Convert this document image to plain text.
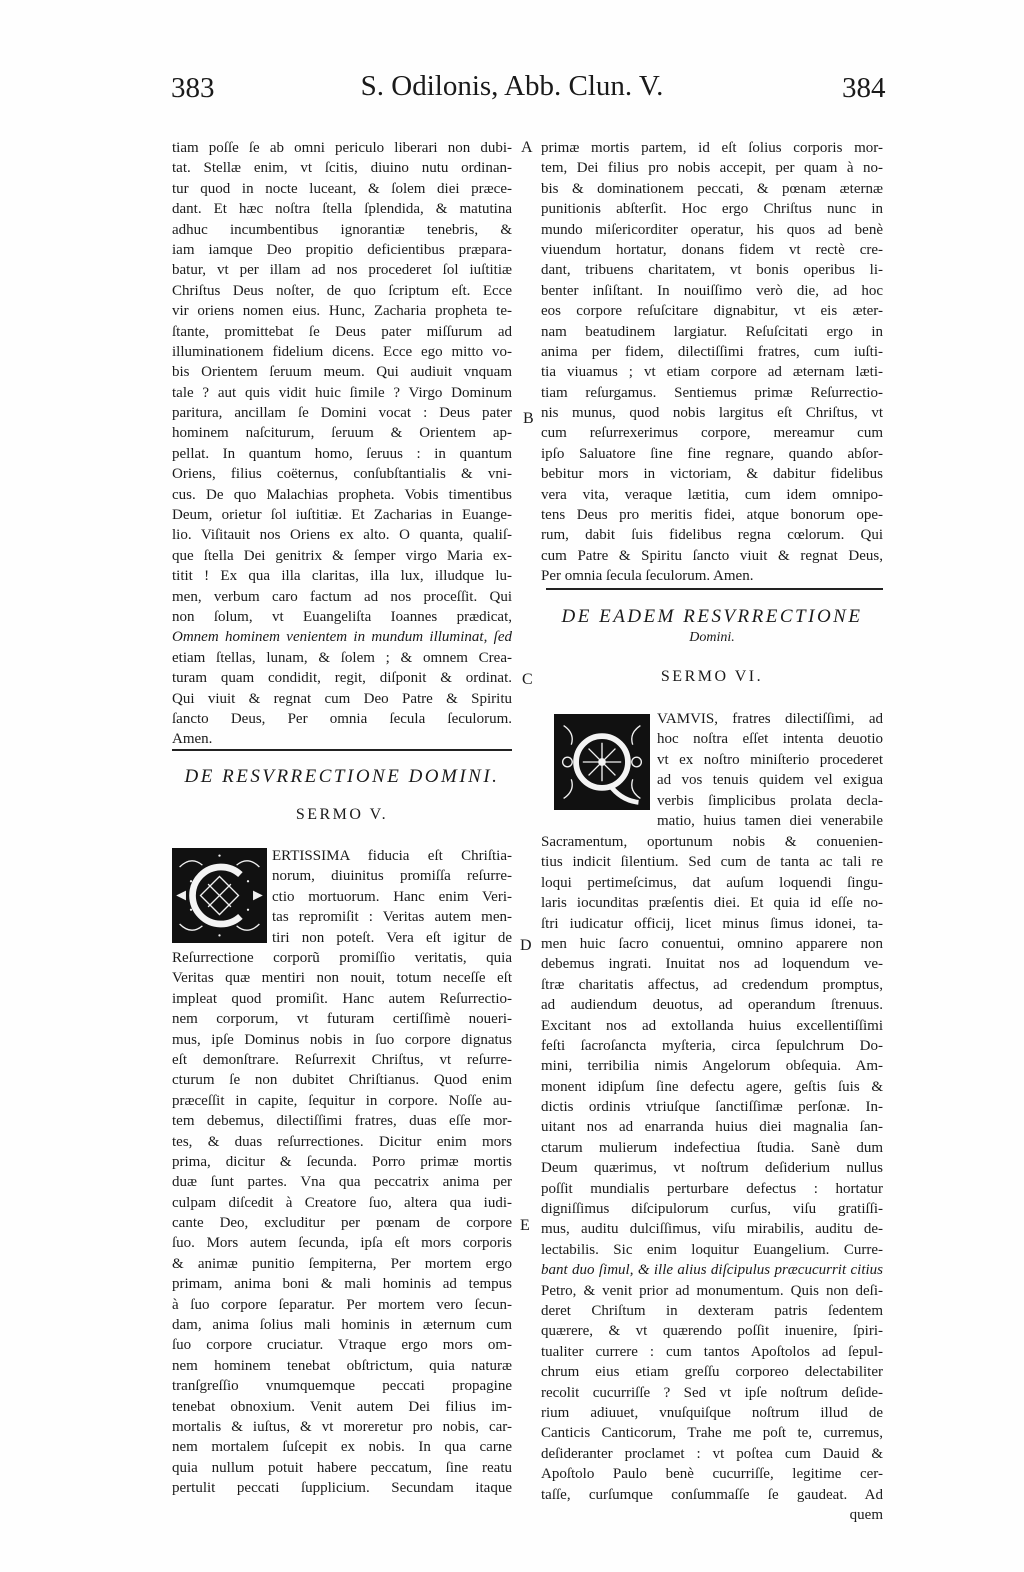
383	S. Odilonis, Abb. Clun. V.	384
A
B
C
D
E
tiam poſſe ſe ab omni periculo liberari non dubi-
tat. Stellæ enim, vt ſcitis, diuino nutu ordinan-
tur quod in nocte luceant, & ſolem diei præce-
dant. Et hæc noſtra ſtella ſplendida, & matutina
adhuc incumbentibus ignorantiæ tenebris, &
iam iamque Deo propitio deficientibus præpara-
batur, vt per illam ad nos procederet ſol iuſtitiæ
Chriſtus Deus noſter, de quo ſcriptum eſt. Ecce
vir oriens nomen eius. Hunc, Zacharia propheta te-
ſtante, promittebat ſe Deus pater miſſurum ad
illuminationem fidelium dicens. Ecce ego mitto vo-
bis Orientem ſeruum meum. Qui audiuit vnquam
tale ? aut quis vidit huic ſimile ? Virgo Dominum
paritura, ancillam ſe Domini vocat : Deus pater
hominem naſciturum, ſeruum & Orientem ap-
pellat. In quantum homo, ſeruus : in quantum
Oriens, filius coëternus, conſubſtantialis & vni-
cus. De quo Malachias propheta. Vobis timentibus
Deum, orietur ſol iuſtitiæ. Et Zacharias in Euange-
lio. Viſitauit nos Oriens ex alto. O quanta, qualiſ-
que ſtella Dei genitrix & ſemper virgo Maria ex-
titit ! Ex qua illa claritas, illa lux, illudque lu-
men, verbum caro factum ad nos proceſſit. Qui
non ſolum, vt Euangeliſta Ioannes prædicat,
Omnem hominem venientem in mundum illuminat, ſed
etiam ſtellas, lunam, & ſolem ; & omnem Crea-
turam quam condidit, regit, diſponit & ordinat.
Qui viuit & regnat cum Deo Patre & Spiritu
ſancto Deus, Per omnia ſecula ſeculorum.
Amen.
DE RESVRRECTIONE DOMINI.
SERMO V.
ERTISSIMA fiducia eſt Chriſtia-
norum, diuinitus promiſſa reſurre-
ctio mortuorum. Hanc enim Veri-
tas repromiſit : Veritas autem men-
tiri non poteſt. Vera eſt igitur de
Reſurrectione corporũ promiſſio veritatis, quia
Veritas quæ mentiri non nouit, totum neceſſe eſt
impleat quod promiſit. Hanc autem Reſurrectio-
nem corporum, vt futuram certiſſimè noueri-
mus, ipſe Dominus nobis in ſuo corpore dignatus
eſt demonſtrare. Reſurrexit Chriſtus, vt reſurre-
cturum ſe non dubitet Chriſtianus. Quod enim
præceſſit in capite, ſequitur in corpore. Noſſe au-
tem debemus, dilectiſſimi fratres, duas eſſe mor-
tes, & duas reſurrectiones. Dicitur enim mors
prima, dicitur & ſecunda. Porro primæ mortis
duæ ſunt partes. Vna qua peccatrix anima per
culpam diſcedit à Creatore ſuo, altera qua iudi-
cante Deo, excluditur per pœnam de corpore
ſuo. Mors autem ſecunda, ipſa eſt mors corporis
& animæ punitio ſempiterna, Per mortem ergo
primam, anima boni & mali hominis ad tempus
à ſuo corpore ſeparatur. Per mortem vero ſecun-
dam, anima ſolius mali hominis in æternum cum
ſuo corpore cruciatur. Vtraque ergo mors om-
nem hominem tenebat obſtrictum, quia naturæ
tranſgreſſio vnumquemque peccati propagine
tenebat obnoxium. Venit autem Dei filius im-
mortalis & iuſtus, & vt moreretur pro nobis, car-
nem mortalem ſuſcepit ex nobis. In qua carne
quia nullum potuit habere peccatum, ſine reatu
pertulit peccati ſupplicium. Secundam itaque
primæ mortis partem, id eſt ſolius corporis mor-
tem, Dei filius pro nobis accepit, per quam à no-
bis & dominationem peccati, & pœnam æternæ
punitionis abſterſit. Hoc ergo Chriſtus nunc in
mundo miſericorditer operatur, his quos ad benè
viuendum hortatur, donans fidem vt rectè cre-
dant, tribuens charitatem, vt bonis operibus li-
benter inſiſtant. In nouiſſimo verò die, ad hoc
eos corpore reſuſcitare dignabitur, vt eis æter-
nam beatudinem largiatur. Reſuſcitati ergo in
anima per fidem, dilectiſſimi fratres, cum iuſti-
tia viuamus ; vt etiam corpore ad æternam læti-
tiam reſurgamus. Sentiemus primæ Reſurrectio-
nis munus, quod nobis largitus eſt Chriſtus, vt
cum reſurrexerimus corpore, mereamur cum
ipſo Saluatore ſine fine regnare, quando abſor-
bebitur mors in victoriam, & dabitur fidelibus
vera vita, veraque lætitia, cum idem omnipo-
tens Deus pro meritis fidei, atque bonorum ope-
rum, dabit ſuis fidelibus regna cœlorum. Qui
cum Patre & Spiritu ſancto viuit & regnat Deus,
Per omnia ſecula ſeculorum. Amen.
DE EADEM RESVRRECTIONE
Domini.
SERMO VI.
VAMVIS, fratres dilectiſſimi, ad
hoc noſtra eſſet intenta deuotio
vt ex noſtro miniſterio procederet
ad vos tenuis quidem vel exigua
verbis ſimplicibus prolata decla-
matio, huius tamen diei venerabile
Sacramentum, oportunum nobis & conuenien-
tius indicit ſilentium. Sed cum de tanta ac tali re
loqui pertimeſcimus, dat auſum loquendi ſingu-
laris iocunditas præſentis diei. Et quia id eſſe no-
ſtri iudicatur officij, licet minus ſimus idonei, ta-
men huic ſacro conuentui, omnino apparere non
debemus ingrati. Inuitat nos ad loquendum ve-
ſtræ charitatis affectus, ad credendum promptus,
ad audiendum deuotus, ad operandum ſtrenuus.
Excitant nos ad extollanda huius excellentiſſimi
feſti ſacroſancta myſteria, circa ſepulchrum Do-
mini, terribilia nimis Angelorum obſequia. Am-
monent idipſum ſine defectu agere, geſtis ſuis &
dictis ordinis vtriuſque ſanctiſſimæ perſonæ. In-
uitant nos ad enarranda huius diei magnalia ſan-
ctarum mulierum indefectiua ſtudia. Sanè dum
Deum quærimus, vt noſtrum deſiderium nullus
poſſit mundialis perturbare defectus : hortatur
digniſſimus diſcipulorum curſus, viſu gratiſſi-
mus, auditu dulciſſimus, viſu mirabilis, auditu de-
lectabilis. Sic enim loquitur Euangelium. Curre-
bant duo ſimul, & ille alius diſcipulus præcucurrit citius
Petro, & venit prior ad monumentum. Quis non deſi-
deret Chriſtum in dexteram patris ſedentem
quærere, & vt quærendo poſſit inuenire, ſpiri-
tualiter currere : cum tantos Apoſtolos ad ſepul-
chrum eius etiam greſſu corporeo delectabiliter
recolit cucurriſſe ? Sed vt ipſe noſtrum deſide-
rium adiuuet, vnuſquiſque noſtrum illud de
Canticis Canticorum, Trahe me poſt te, curremus,
deſideranter proclamet : vt poſtea cum Dauid &
Apoſtolo Paulo benè cucurriſſe, legitime cer-
taſſe, curſumque conſummaſſe ſe gaudeat. Ad
quem
